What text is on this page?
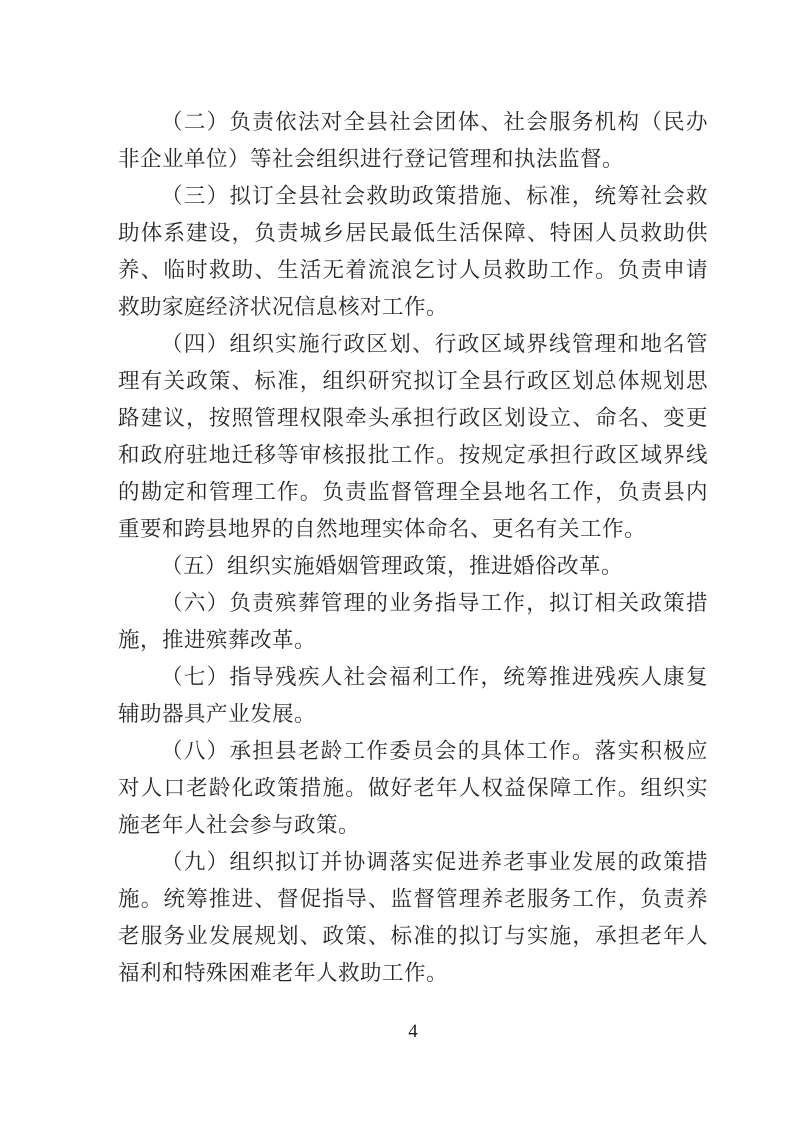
（二）负责依法对全县社会团体、社会服务机构（民办非企业单位）等社会组织进行登记管理和执法监督。

（三）拟订全县社会救助政策措施、标准，统筹社会救助体系建设，负责城乡居民最低生活保障、特困人员救助供养、临时救助、生活无着流浪乞讨人员救助工作。负责申请救助家庭经济状况信息核对工作。

（四）组织实施行政区划、行政区域界线管理和地名管理有关政策、标准，组织研究拟订全县行政区划总体规划思路建议，按照管理权限牵头承担行政区划设立、命名、变更和政府驻地迁移等审核报批工作。按规定承担行政区域界线的勘定和管理工作。负责监督管理全县地名工作，负责县内重要和跨县地界的自然地理实体命名、更名有关工作。

（五）组织实施婚姻管理政策，推进婚俗改革。

（六）负责殡葬管理的业务指导工作，拟订相关政策措施，推进殡葬改革。

（七）指导残疾人社会福利工作，统筹推进残疾人康复辅助器具产业发展。

（八）承担县老龄工作委员会的具体工作。落实积极应对人口老龄化政策措施。做好老年人权益保障工作。组织实施老年人社会参与政策。

（九）组织拟订并协调落实促进养老事业发展的政策措施。统筹推进、督促指导、监督管理养老服务工作，负责养老服务业发展规划、政策、标准的拟订与实施，承担老年人福利和特殊困难老年人救助工作。

4
